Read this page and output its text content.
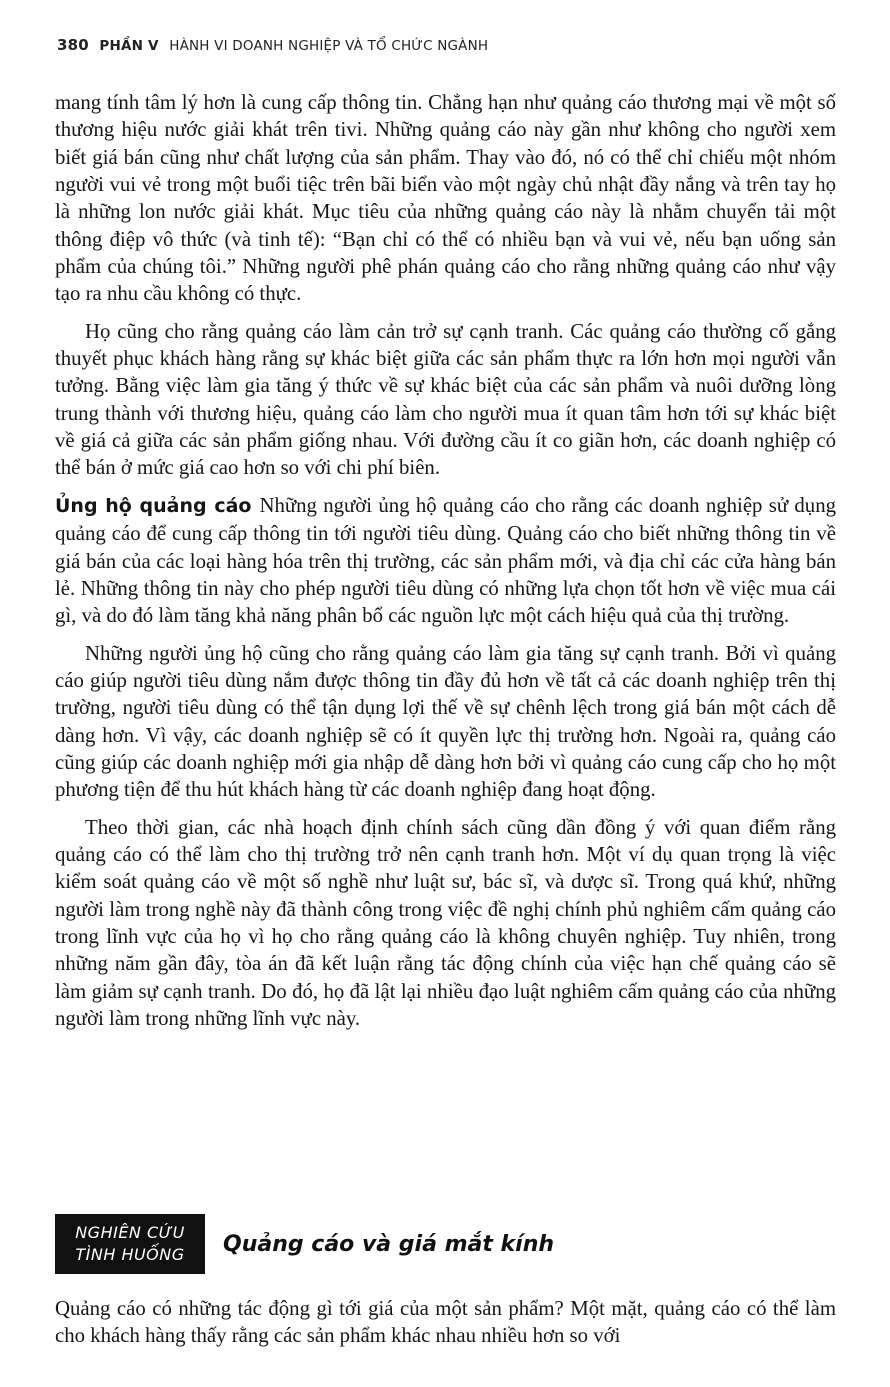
380 PHẦN V HÀNH VI DOANH NGHIỆP VÀ TỔ CHỨC NGÀNH

mang tính tâm lý hơn là cung cấp thông tin. Chẳng hạn như quảng cáo thương mại về một số thương hiệu nước giải khát trên tivi. Những quảng cáo này gần như không cho người xem biết giá bán cũng như chất lượng của sản phẩm. Thay vào đó, nó có thể chỉ chiếu một nhóm người vui vẻ trong một buổi tiệc trên bãi biển vào một ngày chủ nhật đầy nắng và trên tay họ là những lon nước giải khát. Mục tiêu của những quảng cáo này là nhằm chuyển tải một thông điệp vô thức (và tinh tế): “Bạn chỉ có thể có nhiều bạn và vui vẻ, nếu bạn uống sản phẩm của chúng tôi.” Những người phê phán quảng cáo cho rằng những quảng cáo như vậy tạo ra nhu cầu không có thực.

Họ cũng cho rằng quảng cáo làm cản trở sự cạnh tranh. Các quảng cáo thường cố gắng thuyết phục khách hàng rằng sự khác biệt giữa các sản phẩm thực ra lớn hơn mọi người vẫn tưởng. Bằng việc làm gia tăng ý thức về sự khác biệt của các sản phẩm và nuôi dưỡng lòng trung thành với thương hiệu, quảng cáo làm cho người mua ít quan tâm hơn tới sự khác biệt về giá cả giữa các sản phẩm giống nhau. Với đường cầu ít co giãn hơn, các doanh nghiệp có thể bán ở mức giá cao hơn so với chi phí biên.

Ủng hộ quảng cáo Những người ủng hộ quảng cáo cho rằng các doanh nghiệp sử dụng quảng cáo để cung cấp thông tin tới người tiêu dùng. Quảng cáo cho biết những thông tin về giá bán của các loại hàng hóa trên thị trường, các sản phẩm mới, và địa chỉ các cửa hàng bán lẻ. Những thông tin này cho phép người tiêu dùng có những lựa chọn tốt hơn về việc mua cái gì, và do đó làm tăng khả năng phân bổ các nguồn lực một cách hiệu quả của thị trường.

Những người ủng hộ cũng cho rằng quảng cáo làm gia tăng sự cạnh tranh. Bởi vì quảng cáo giúp người tiêu dùng nắm được thông tin đầy đủ hơn về tất cả các doanh nghiệp trên thị trường, người tiêu dùng có thể tận dụng lợi thế về sự chênh lệch trong giá bán một cách dễ dàng hơn. Vì vậy, các doanh nghiệp sẽ có ít quyền lực thị trường hơn. Ngoài ra, quảng cáo cũng giúp các doanh nghiệp mới gia nhập dễ dàng hơn bởi vì quảng cáo cung cấp cho họ một phương tiện để thu hút khách hàng từ các doanh nghiệp đang hoạt động.

Theo thời gian, các nhà hoạch định chính sách cũng dần đồng ý với quan điểm rằng quảng cáo có thể làm cho thị trường trở nên cạnh tranh hơn. Một ví dụ quan trọng là việc kiểm soát quảng cáo về một số nghề như luật sư, bác sĩ, và dược sĩ. Trong quá khứ, những người làm trong nghề này đã thành công trong việc đề nghị chính phủ nghiêm cấm quảng cáo trong lĩnh vực của họ vì họ cho rằng quảng cáo là không chuyên nghiệp. Tuy nhiên, trong những năm gần đây, tòa án đã kết luận rằng tác động chính của việc hạn chế quảng cáo sẽ làm giảm sự cạnh tranh. Do đó, họ đã lật lại nhiều đạo luật nghiêm cấm quảng cáo của những người làm trong những lĩnh vực này.

NGHIÊN CỨU
TÌNH HUỐNG Quảng cáo và giá mắt kính

Quảng cáo có những tác động gì tới giá của một sản phẩm? Một mặt, quảng cáo có thể làm cho khách hàng thấy rằng các sản phẩm khác nhau nhiều hơn so với
